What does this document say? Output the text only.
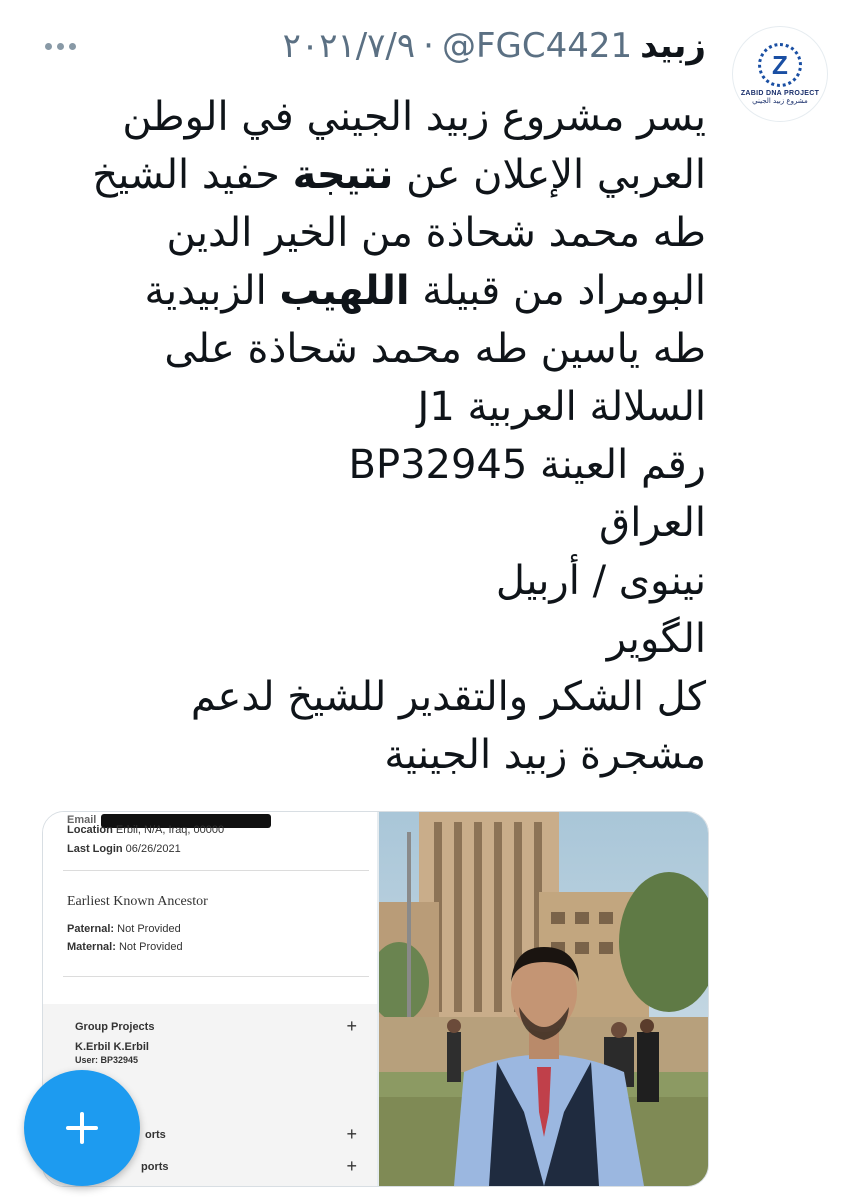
زبيد
@FGC4421
·
٢٠٢١/٧/٩	Z
ZABID DNA PROJECT
مشروع زبيد الجيني
يسر مشروع زبيد الجيني في الوطن
العربي الإعلان عن نتيجة حفيد الشيخ
طه محمد شحاذة من الخير الدين
البومراد من قبيلة اللهيب الزبيدية
طه ياسين طه محمد شحاذة على
السلالة العربية J1
رقم العينة BP32945
العراق
نينوى / أربيل
الگوير
كل الشكر والتقدير للشيخ لدعم
مشجرة زبيد الجينية
Email
Location Erbil, N/A, Iraq, 00000
Last Login 06/26/2021
Earliest Known Ancestor
Paternal: Not Provided
Maternal: Not Provided
Group Projects	+
K.Erbil K.Erbil
User: BP32945
orts	+
ports	+
